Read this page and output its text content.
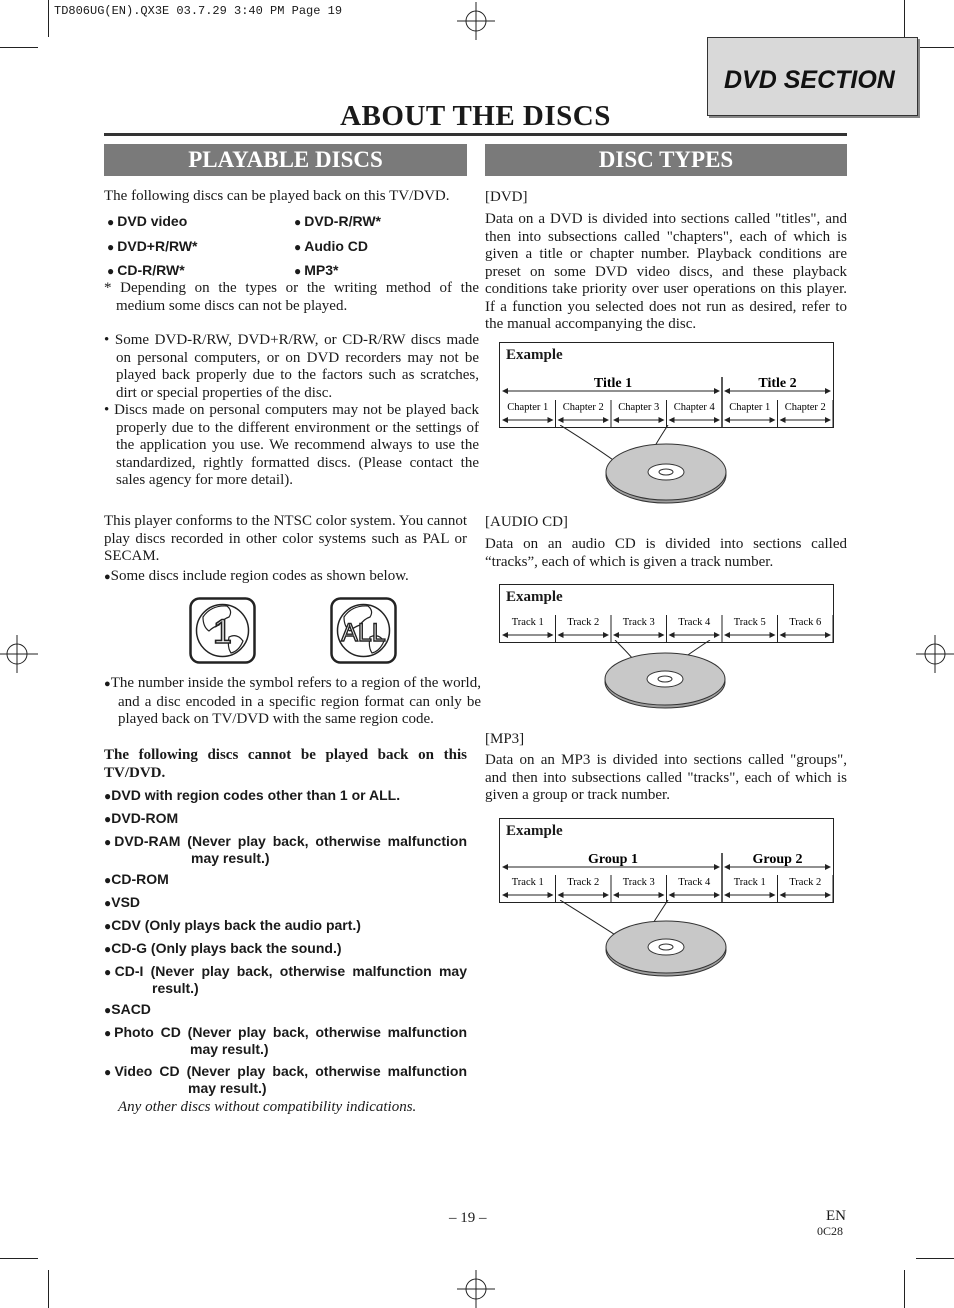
TD806UG(EN).QX3E 03.7.29 3:40 PM Page 19
DVD SECTION
ABOUT THE DISCS
PLAYABLE DISCS	DISC TYPES
The following discs can be played back on this TV/DVD.
● DVD video	● DVD-R/RW*
● DVD+R/RW*	● Audio CD
● CD-R/RW*	● MP3*
* Depending on the types or the writing method of the medium some discs can not be played.
• Some DVD-R/RW, DVD+R/RW, or CD-R/RW discs made on personal computers, or on DVD recorders may not be played back properly due to the factors such as scratches, dirt or special properties of the disc.
• Discs made on personal computers may not be played back properly due to the different environment or the settings of the application you use. We recommend always to use the standardized, rightly formatted discs. (Please contact the sales agency for more detail).
This player conforms to the NTSC color system. You cannot play discs recorded in other color systems such as PAL or SECAM.
●Some discs include region codes as shown below.
1	ALL
●The number inside the symbol refers to a region of the world, and a disc encoded in a specific region format can only be played back on TV/DVD with the same region code.
The following discs cannot be played back on this TV/DVD.
●DVD with region codes other than 1 or ALL.
●DVD-ROM
●DVD-RAM (Never play back, otherwise malfunction may result.)
●CD-ROM
●VSD
●CDV (Only plays back the audio part.)
●CD-G (Only plays back the sound.)
●CD-I (Never play back, otherwise malfunction may result.)
●SACD
●Photo CD (Never play back, otherwise malfunction may result.)
●Video CD (Never play back, otherwise malfunction may result.)
Any other discs without compatibility indications.
[DVD]
Data on a DVD is divided into sections called "titles", and then into subsections called "chapters", each of which is given a title or chapter number. Playback conditions are preset on some DVD video discs, and these playback conditions take priority over user operations on this player. If a function you selected does not run as desired, refer to the manual accompanying the disc.
Example
Title 1	Title 2
Chapter 1 Chapter 2 Chapter 3 Chapter 4 Chapter 1 Chapter 2
[AUDIO CD]
Data on an audio CD is divided into sections called “tracks”, each of which is given a track number.
Example
Track 1 Track 2 Track 3 Track 4 Track 5 Track 6
[MP3]
Data on an MP3 is divided into sections called "groups", and then into subsections called "tracks", each of which is given a group or track number.
Example
Group 1	Group 2
Track 1 Track 2 Track 3 Track 4 Track 1 Track 2
– 19 –	EN
0C28
